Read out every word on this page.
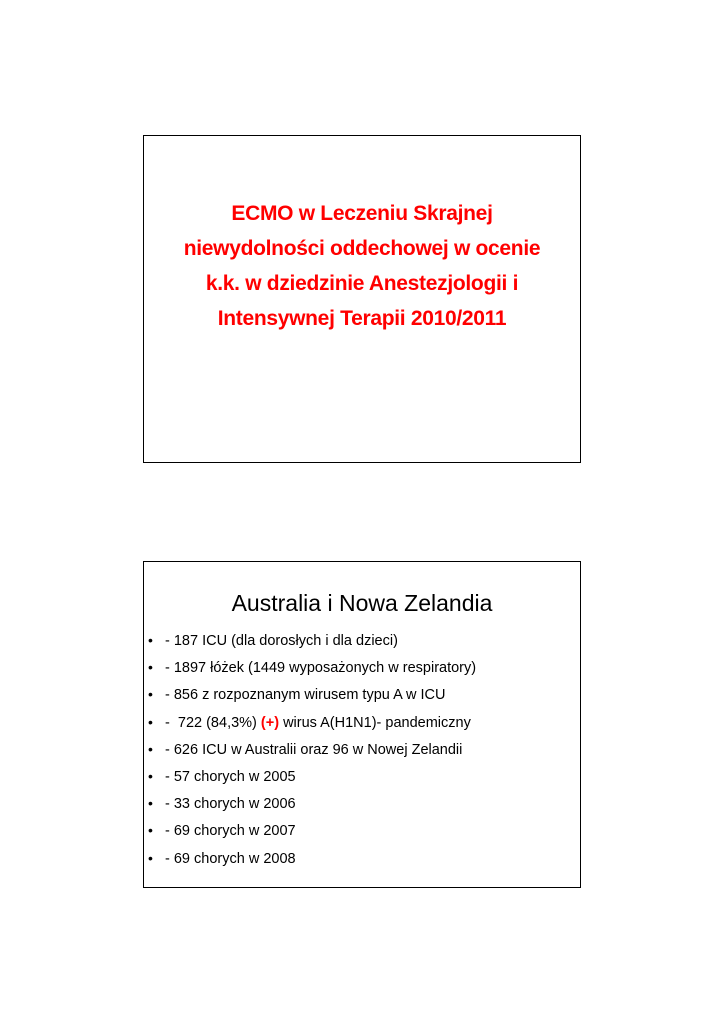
ECMO w Leczeniu Skrajnej
niewydolności oddechowej w ocenie
k.k. w dziedzinie Anestezjologii i
Intensywnej Terapii 2010/2011
Australia i Nowa Zelandia
• - 187 ICU (dla dorosłych i dla dzieci)
• - 1897 łóżek (1449 wyposażonych w respiratory)
• - 856 z rozpoznanym wirusem typu A w ICU
• -  722 (84,3%) (+) wirus A(H1N1)- pandemiczny
• - 626 ICU w Australii oraz 96 w Nowej Zelandii
• - 57 chorych w 2005
• - 33 chorych w 2006
• - 69 chorych w 2007
• - 69 chorych w 2008
